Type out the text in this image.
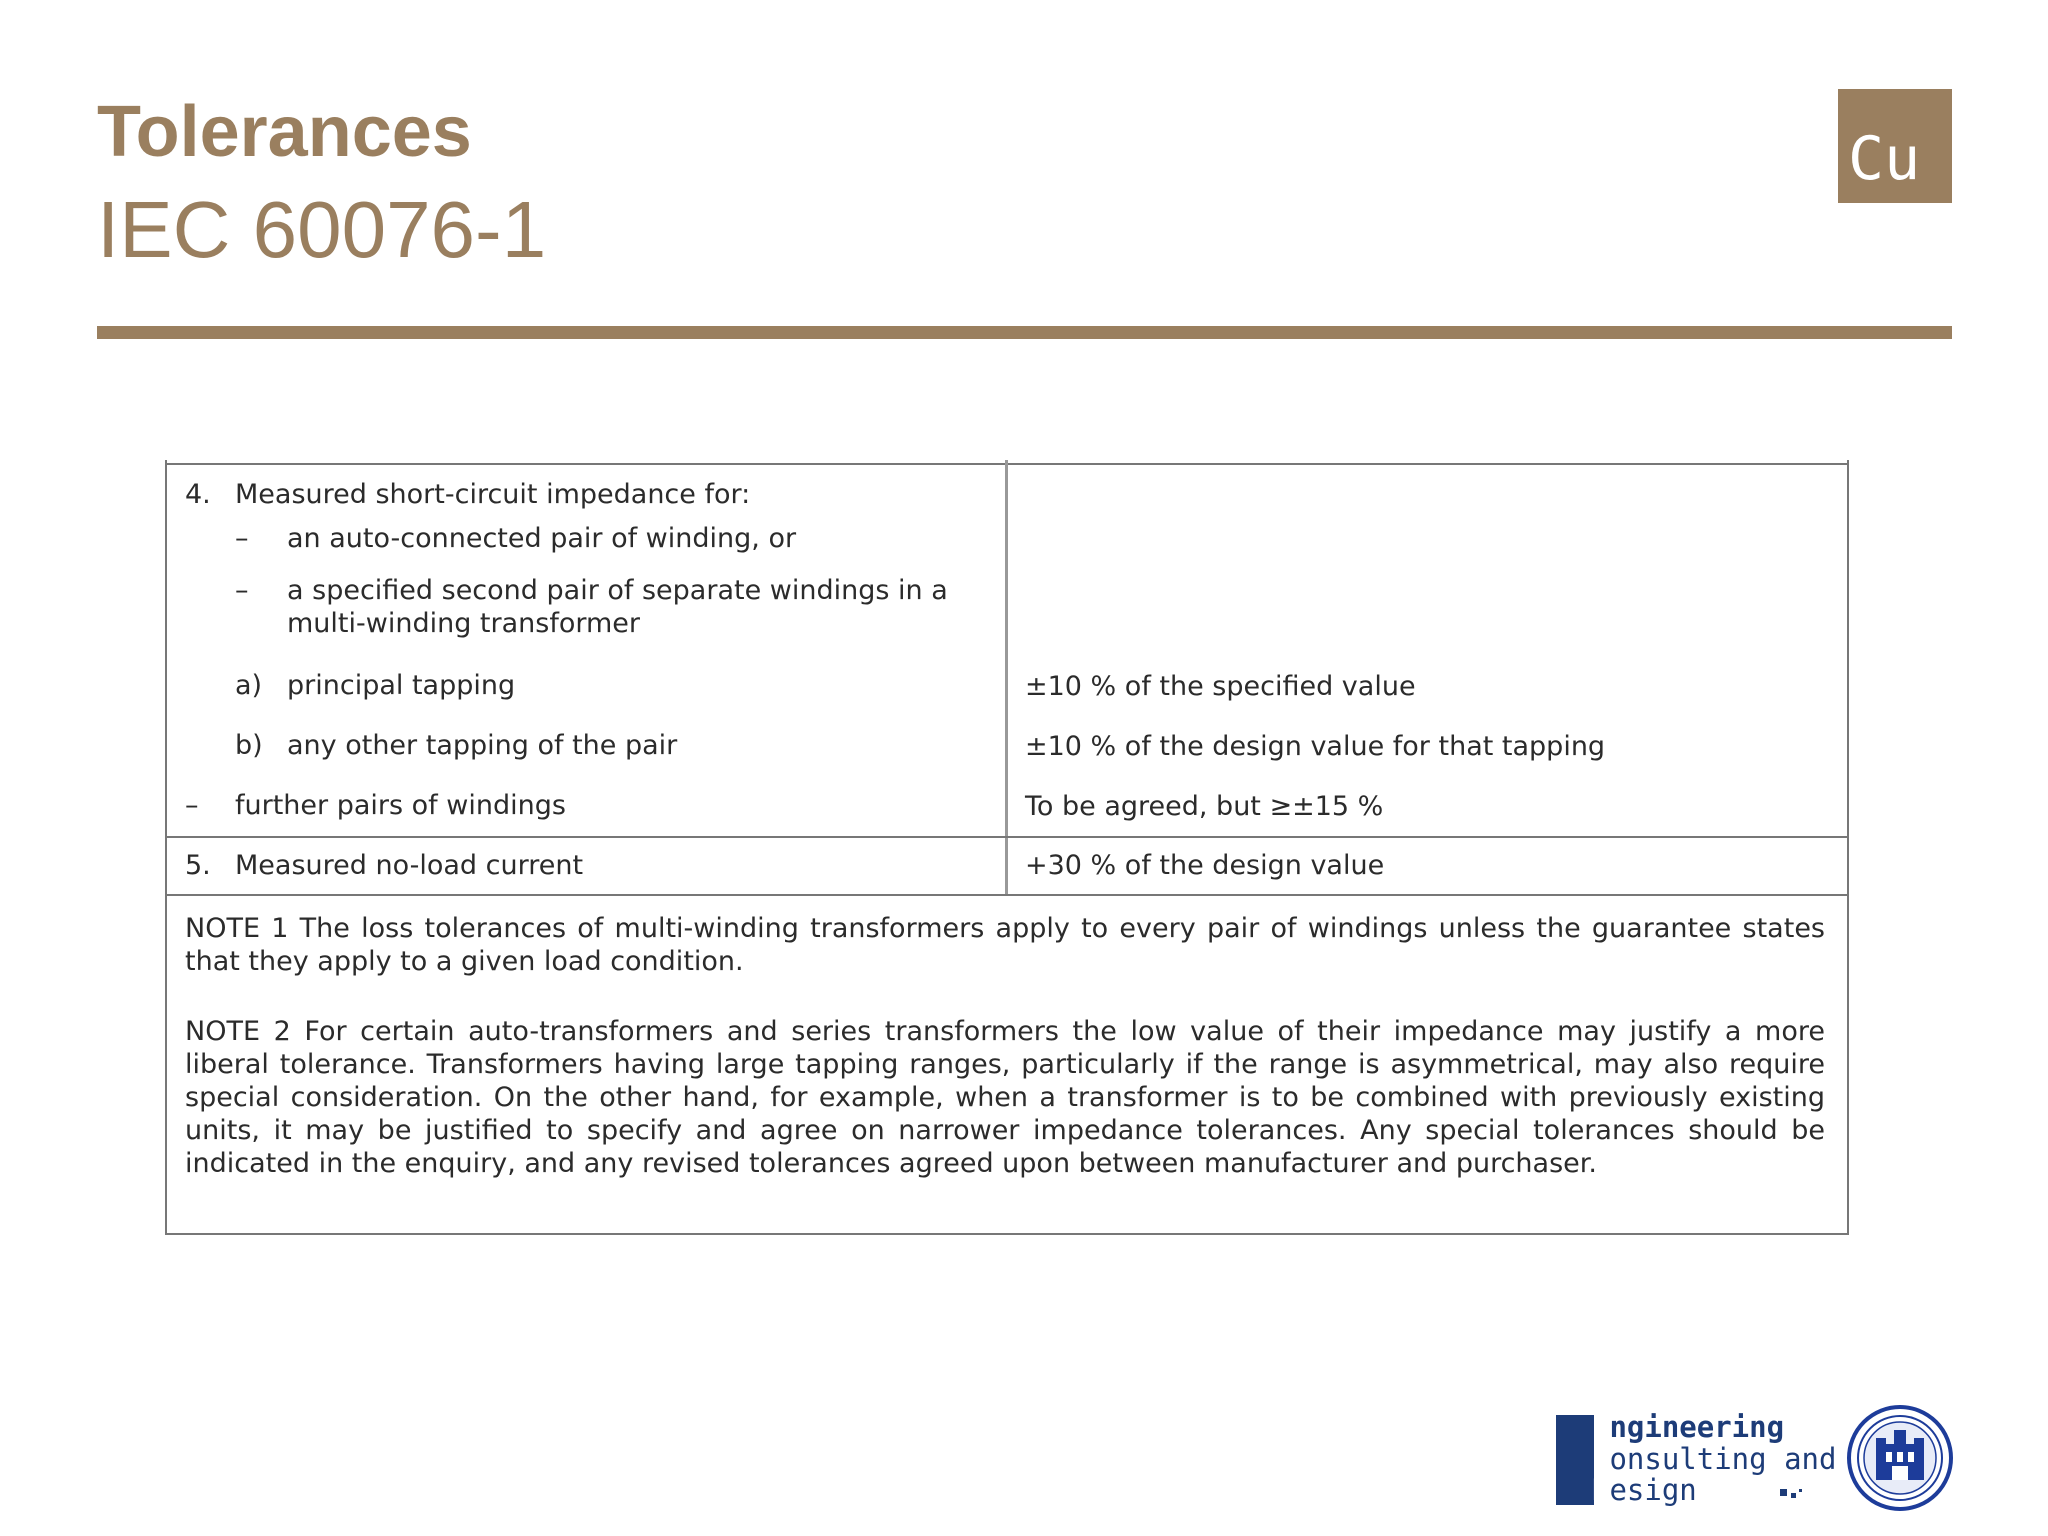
Tolerances
IEC 60076-1
Cu
4. Measured short-circuit impedance for:
– an auto-connected pair of winding, or
– a specified second pair of separate windings in a
multi-winding transformer
a) principal tapping	±10 % of the specified value
b) any other tapping of the pair	±10 % of the design value for that tapping
– further pairs of windings	To be agreed, but ≥±15 %
5. Measured no-load current	+30 % of the design value
NOTE 1 The loss tolerances of multi-winding transformers apply to every pair of windings unless the guarantee states that they apply to a given load condition.
NOTE 2 For certain auto-transformers and series transformers the low value of their impedance may justify a more liberal tolerance. Transformers having large tapping ranges, particularly if the range is asymmetrical, may also require special consideration. On the other hand, for example, when a transformer is to be combined with previously existing units, it may be justified to specify and agree on narrower impedance tolerances. Any special tolerances should be indicated in the enquiry, and any revised tolerances agreed upon between manufacturer and purchaser.
Engineering
Consulting and
Design
